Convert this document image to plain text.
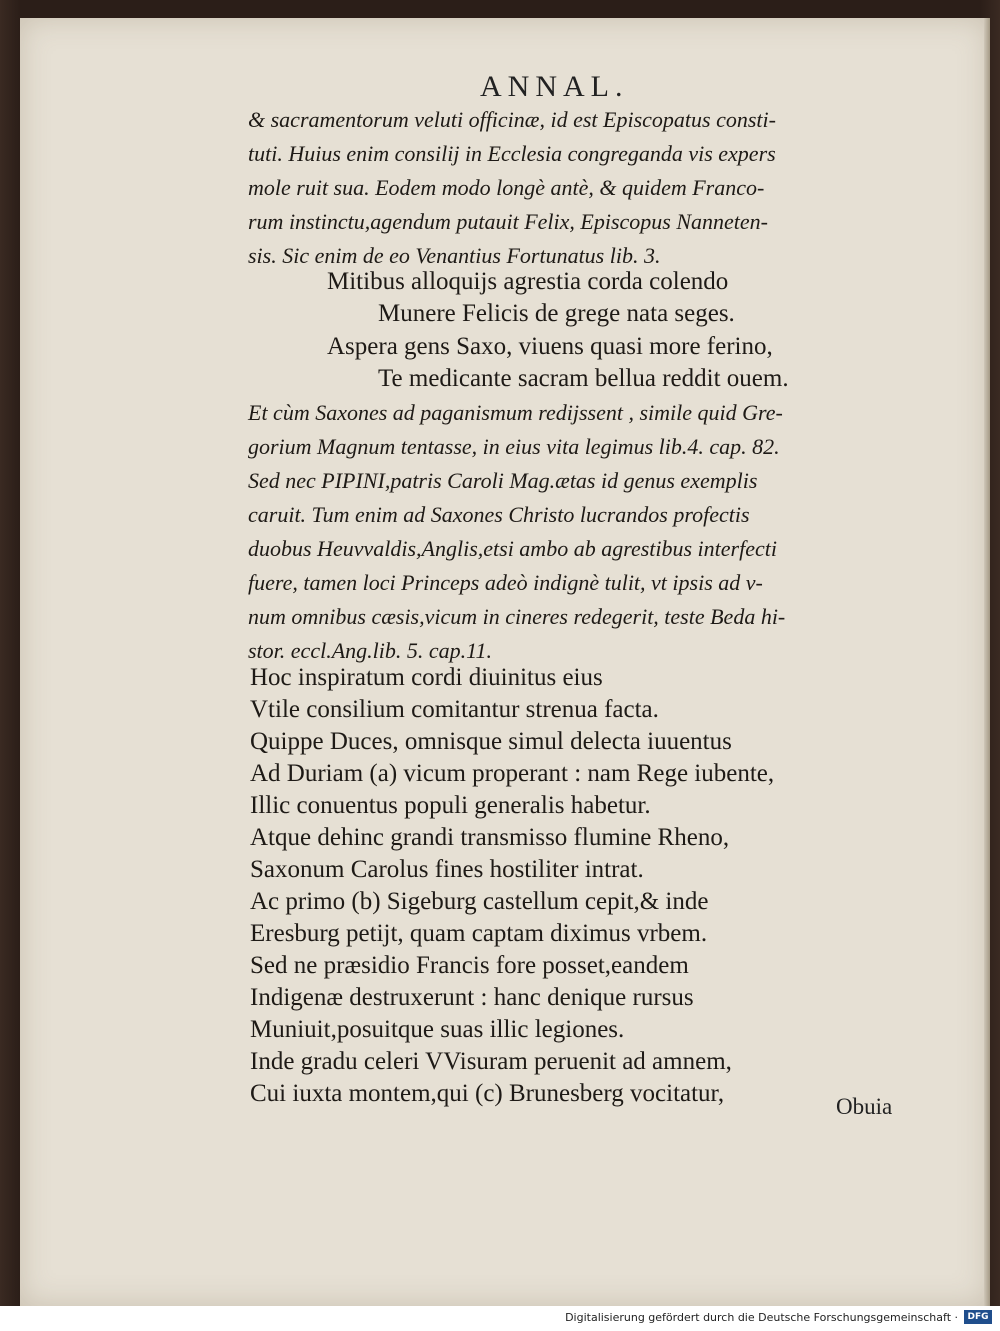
ANNAL.
& sacramentorum veluti officinæ, id est Episcopatus consti-
tuti. Huius enim consilij in Ecclesia congreganda vis expers
mole ruit sua. Eodem modo longè antè, & quidem Franco-
rum instinctu,agendum putauit Felix, Episcopus Nanneten-
sis. Sic enim de eo Venantius Fortunatus lib. 3.
Mitibus alloquijs agrestia corda colendo
Munere Felicis de grege nata seges.
Aspera gens Saxo, viuens quasi more ferino,
Te medicante sacram bellua reddit ouem.
Et cùm Saxones ad paganismum redijssent , simile quid Gre-
gorium Magnum tentasse, in eius vita legimus lib.4. cap. 82.
Sed nec PIPINI,patris Caroli Mag.ætas id genus exemplis
caruit. Tum enim ad Saxones Christo lucrandos profectis
duobus Heuvvaldis,Anglis,etsi ambo ab agrestibus interfecti
fuere, tamen loci Princeps adeò indignè tulit, vt ipsis ad v-
num omnibus cæsis,vicum in cineres redegerit, teste Beda hi-
stor. eccl.Ang.lib. 5. cap.11.
Hoc inspiratum cordi diuinitus eius
Vtile consilium comitantur strenua facta.
Quippe Duces, omnisque simul delecta iuuentus
Ad Duriam (a) vicum properant : nam Rege iubente,
Illic conuentus populi generalis habetur.
Atque dehinc grandi transmisso flumine Rheno,
Saxonum Carolus fines hostiliter intrat.
Ac primo (b) Sigeburg castellum cepit,& inde
Eresburg petijt, quam captam diximus vrbem.
Sed ne præsidio Francis fore posset,eandem
Indigenæ destruxerunt : hanc denique rursus
Muniuit,posuitque suas illic legiones.
Inde gradu celeri VVisuram peruenit ad amnem,
Cui iuxta montem,qui (c) Brunesberg vocitatur,	Obuia
Digitalisierung gefördert durch die Deutsche Forschungsgemeinschaft ·	DFG
